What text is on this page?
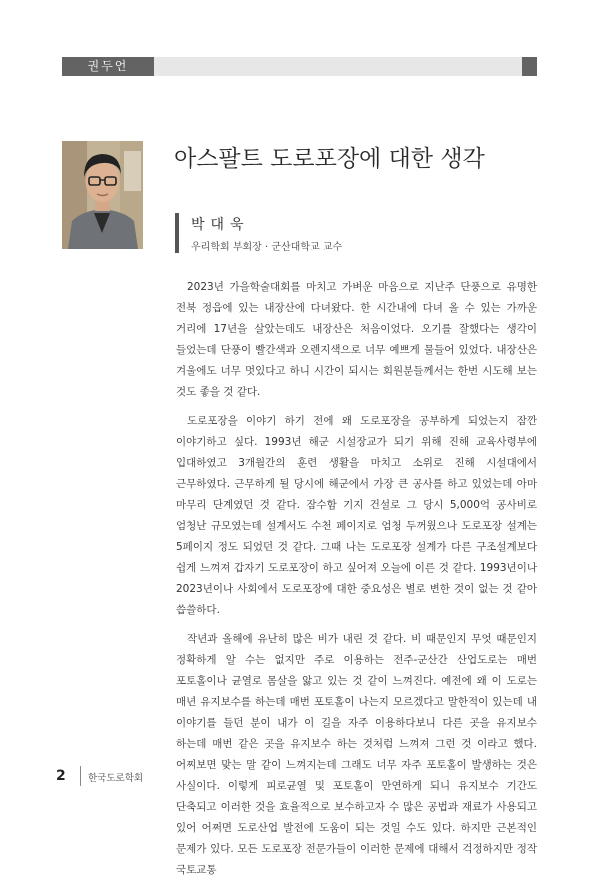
권두언
아스팔트 도로포장에 대한 생각
박대욱
우리학회 부회장 · 군산대학교 교수

2023년 가을학술대회를 마치고 가벼운 마음으로 지난주 단풍으로 유명한 전북 정읍에 있는 내장산에 다녀왔다. 한 시간내에 다녀 올 수 있는 가까운 거리에 17년을 살았는데도 내장산은 처음이었다. 오기를 잘했다는 생각이 들었는데 단풍이 빨간색과 오렌지색으로 너무 예쁘게 물들어 있었다. 내장산은 겨울에도 너무 멋있다고 하니 시간이 되시는 회원분들께서는 한번 시도해 보는 것도 좋을 것 같다.

도로포장을 이야기 하기 전에 왜 도로포장을 공부하게 되었는지 잠깐 이야기하고 싶다. 1993년 해군 시설장교가 되기 위해 진해 교육사령부에 입대하였고 3개월간의 훈련 생활을 마치고 소위로 진해 시설대에서 근무하였다. 근무하게 될 당시에 해군에서 가장 큰 공사를 하고 있었는데 아마 마무리 단계였던 것 같다. 잠수함 기지 건설로 그 당시 5,000억 공사비로 엄청난 규모였는데 설계서도 수천 페이지로 엄청 두꺼웠으나 도로포장 설계는 5페이지 정도 되었던 것 같다. 그때 나는 도로포장 설계가 다른 구조설계보다 쉽게 느껴져 갑자기 도로포장이 하고 싶어져 오늘에 이른 것 같다. 1993년이나 2023년이나 사회에서 도로포장에 대한 중요성은 별로 변한 것이 없는 것 같아 씁쓸하다.

작년과 올해에 유난히 많은 비가 내린 것 같다. 비 때문인지 무엇 때문인지 정확하게 알 수는 없지만 주로 이용하는 전주-군산간 산업도로는 매번 포토홀이나 균열로 몸살을 앓고 있는 것 같이 느껴진다. 예전에 왜 이 도로는 매년 유지보수를 하는데 매번 포토홀이 나는지 모르겠다고 말한적이 있는데 내 이야기를 들던 분이 내가 이 길을 자주 이용하다보니 다른 곳을 유지보수 하는데 매번 같은 곳을 유지보수 하는 것처럼 느껴져 그런 것 이라고 했다. 어찌보면 맞는 말 같이 느껴지는데 그래도 너무 자주 포토홀이 발생하는 것은 사실이다. 이렇게 피로균열 및 포토홀이 만연하게 되니 유지보수 기간도 단축되고 이러한 것을 효율적으로 보수하고자 수 많은 공법과 재료가 사용되고 있어 어쩌면 도로산업 발전에 도움이 되는 것일 수도 있다. 하지만 근본적인 문제가 있다. 모든 도로포장 전문가들이 이러한 문제에 대해서 걱정하지만 정작 국토교통

2 한국도로학회
